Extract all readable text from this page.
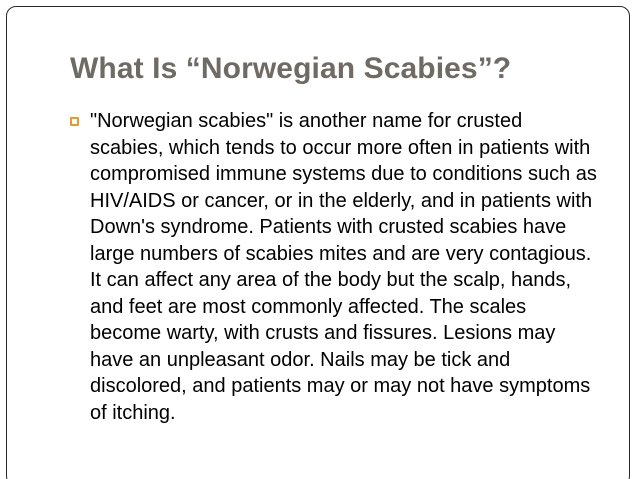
What Is “Norwegian Scabies”?

"Norwegian scabies" is another name for crusted scabies, which tends to occur more often in patients with compromised immune systems due to conditions such as HIV/AIDS or cancer, or in the elderly, and in patients with Down's syndrome. Patients with crusted scabies have large numbers of scabies mites and are very contagious. It can affect any area of the body but the scalp, hands, and feet are most commonly affected. The scales become warty, with crusts and fissures. Lesions may have an unpleasant odor. Nails may be tick and discolored, and patients may or may not have symptoms of itching.
